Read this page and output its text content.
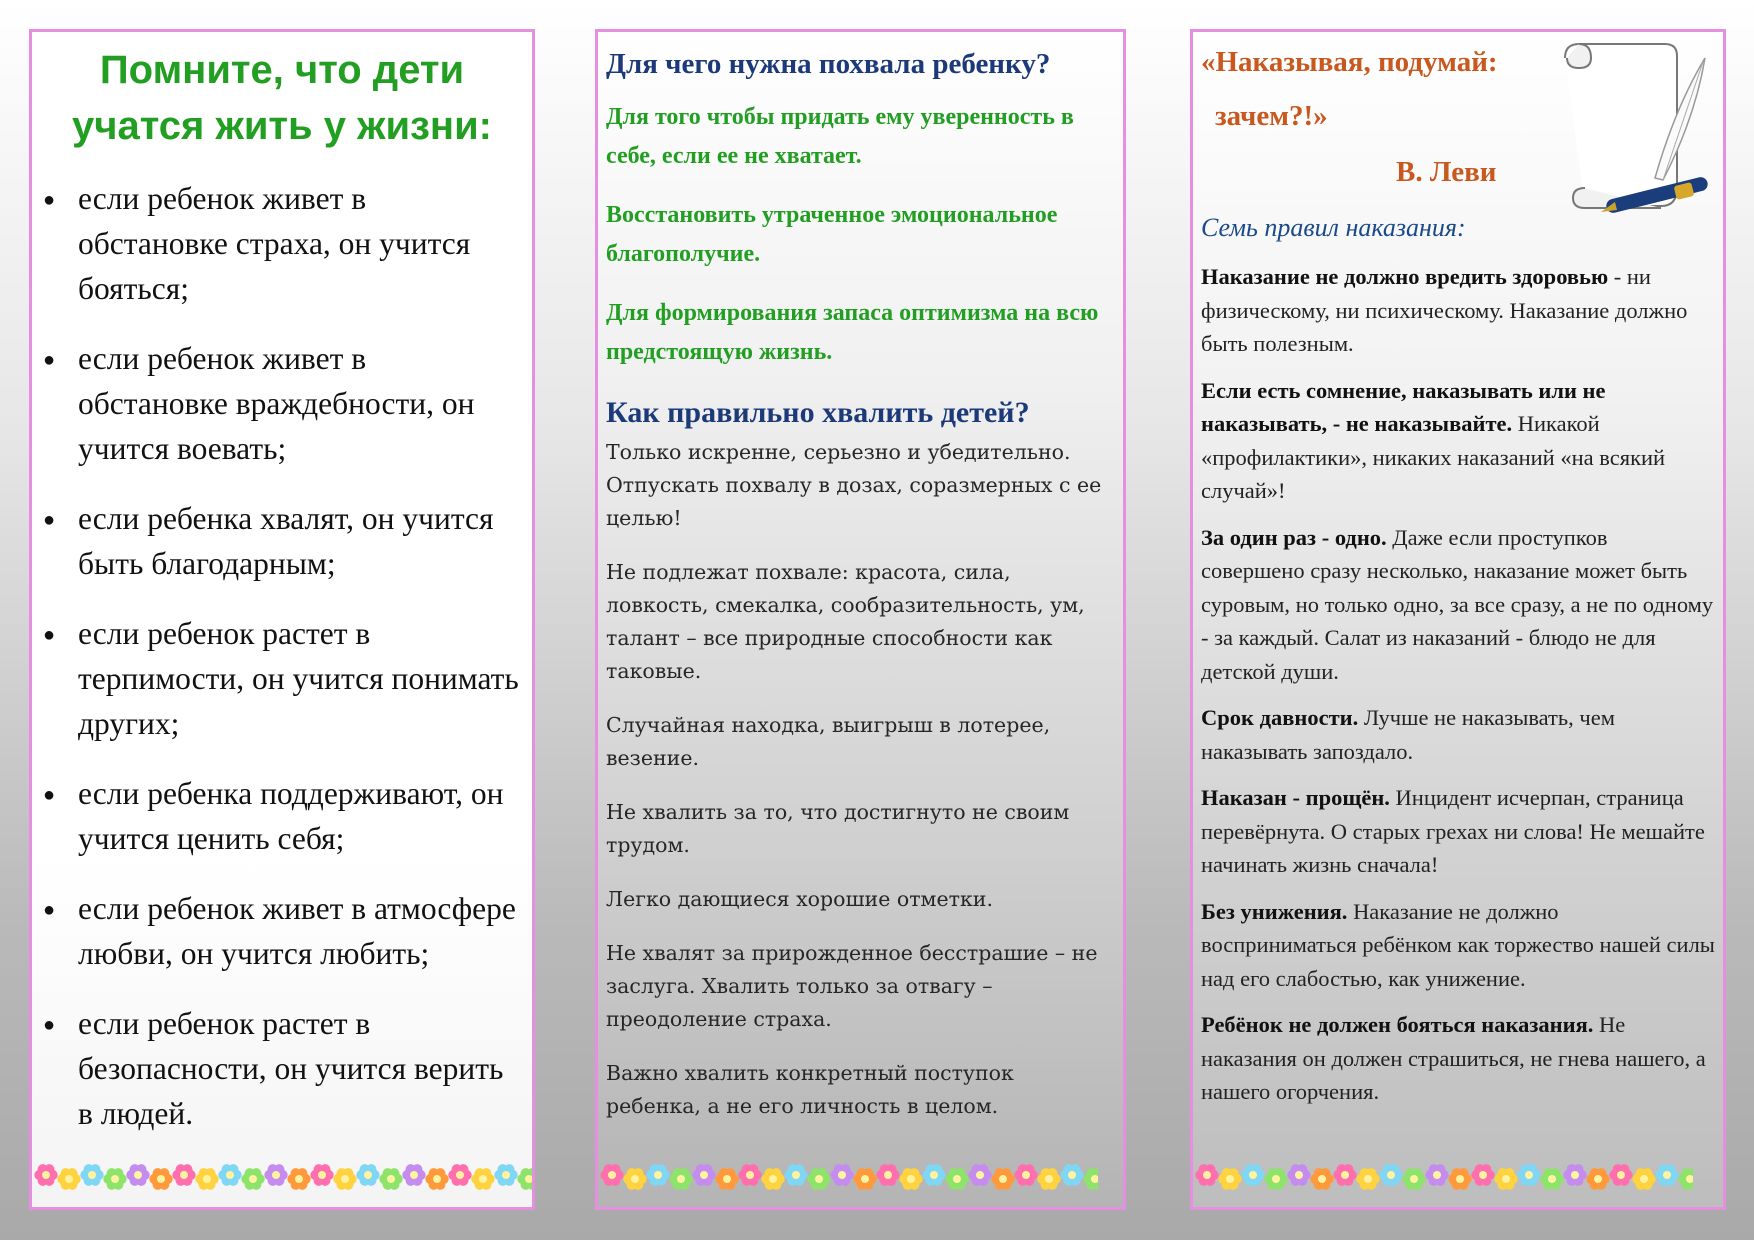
Помните, что дети учатся жить у жизни:
● если ребенок живет в обстановке страха, он учится бояться;
● если ребенок живет в обстановке враждебности, он учится воевать;
● если ребенка хвалят, он учится быть благодарным;
● если ребенок растет в терпимости, он учится понимать других;
● если ребенка поддерживают, он учится ценить себя;
● если ребенок живет в атмосфере любви, он учится любить;
● если ребенок растет в безопасности, он учится верить в людей.
Для чего нужна похвала ребенку?
Для того чтобы придать ему уверенность в себе, если ее не хватает.
Восстановить утраченное эмоциональное благополучие.
Для формирования запаса оптимизма на всю предстоящую жизнь.
Как правильно хвалить детей?
Только искренне, серьезно и убедительно. Отпускать похвалу в дозах, соразмерных с ее целью!
Не подлежат похвале: красота, сила, ловкость, смекалка, сообразительность, ум, талант – все природные способности как таковые.
Случайная находка, выигрыш в лотерее, везение.
Не хвалить за то, что достигнуто не своим трудом.
Легко дающиеся хорошие отметки.
Не хвалят за прирожденное бесстрашие – не заслуга. Хвалить только за отвагу – преодоление страха.
Важно хвалить конкретный поступок ребенка, а не его личность в целом.
«Наказывая, подумай:
зачем?!»
В. Леви
Семь правил наказания:
Наказание не должно вредить здоровью - ни физическому, ни психическому. Наказание должно быть полезным.
Если есть сомнение, наказывать или не наказывать, - не наказывайте. Никакой «профилактики», никаких наказаний «на всякий случай»!
За один раз - одно. Даже если проступков совершено сразу несколько, наказание может быть суровым, но только одно, за все сразу, а не по одному - за каждый. Салат из наказаний - блюдо не для детской души.
Срок давности. Лучше не наказывать, чем наказывать запоздало.
Наказан - прощён. Инцидент исчерпан, страница перевёрнута. О старых грехах ни слова! Не мешайте начинать жизнь сначала!
Без унижения. Наказание не должно восприниматься ребёнком как торжество нашей силы над его слабостью, как унижение.
Ребёнок не должен бояться наказания. Не наказания он должен страшиться, не гнева нашего, а нашего огорчения.
